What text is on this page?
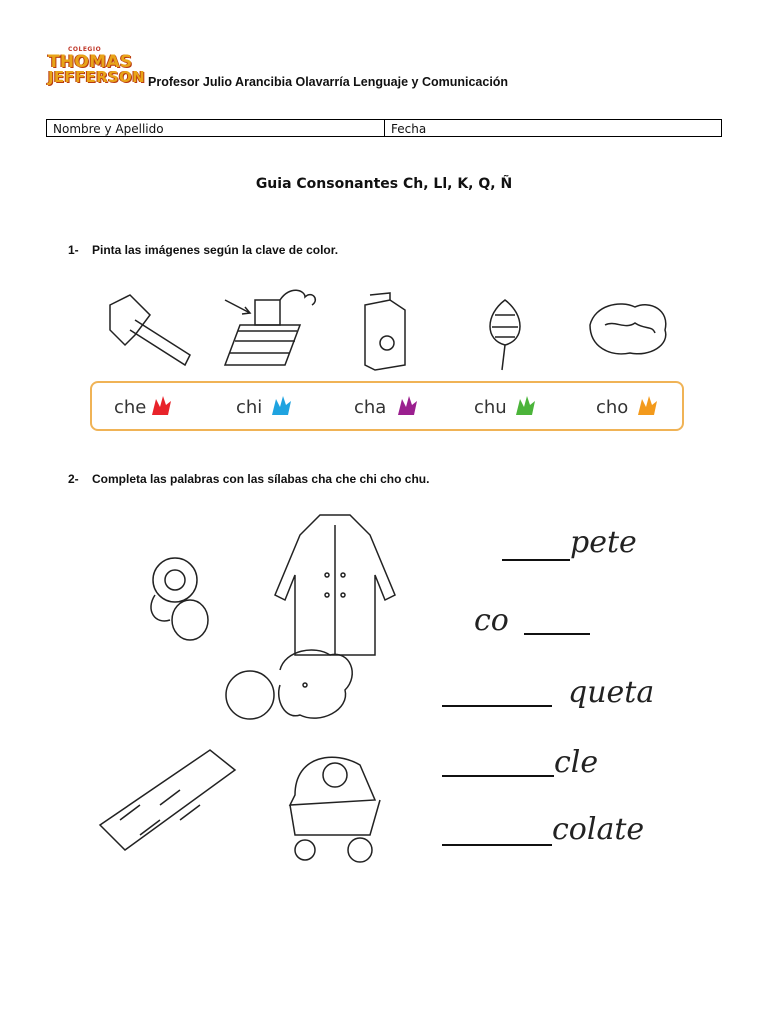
COLEGIO
THOMAS
JEFFERSON Profesor Julio Arancibia Olavarría Lenguaje y Comunicación
Nombre y Apellido	Fecha
Guia Consonantes Ch, Ll, K, Q, Ñ
1- Pinta las imágenes según la clave de color.
che	chi	cha	chu	cho
2- Completa las palabras con las sílabas cha che chi cho chu.
pete
co
queta
cle
colate
